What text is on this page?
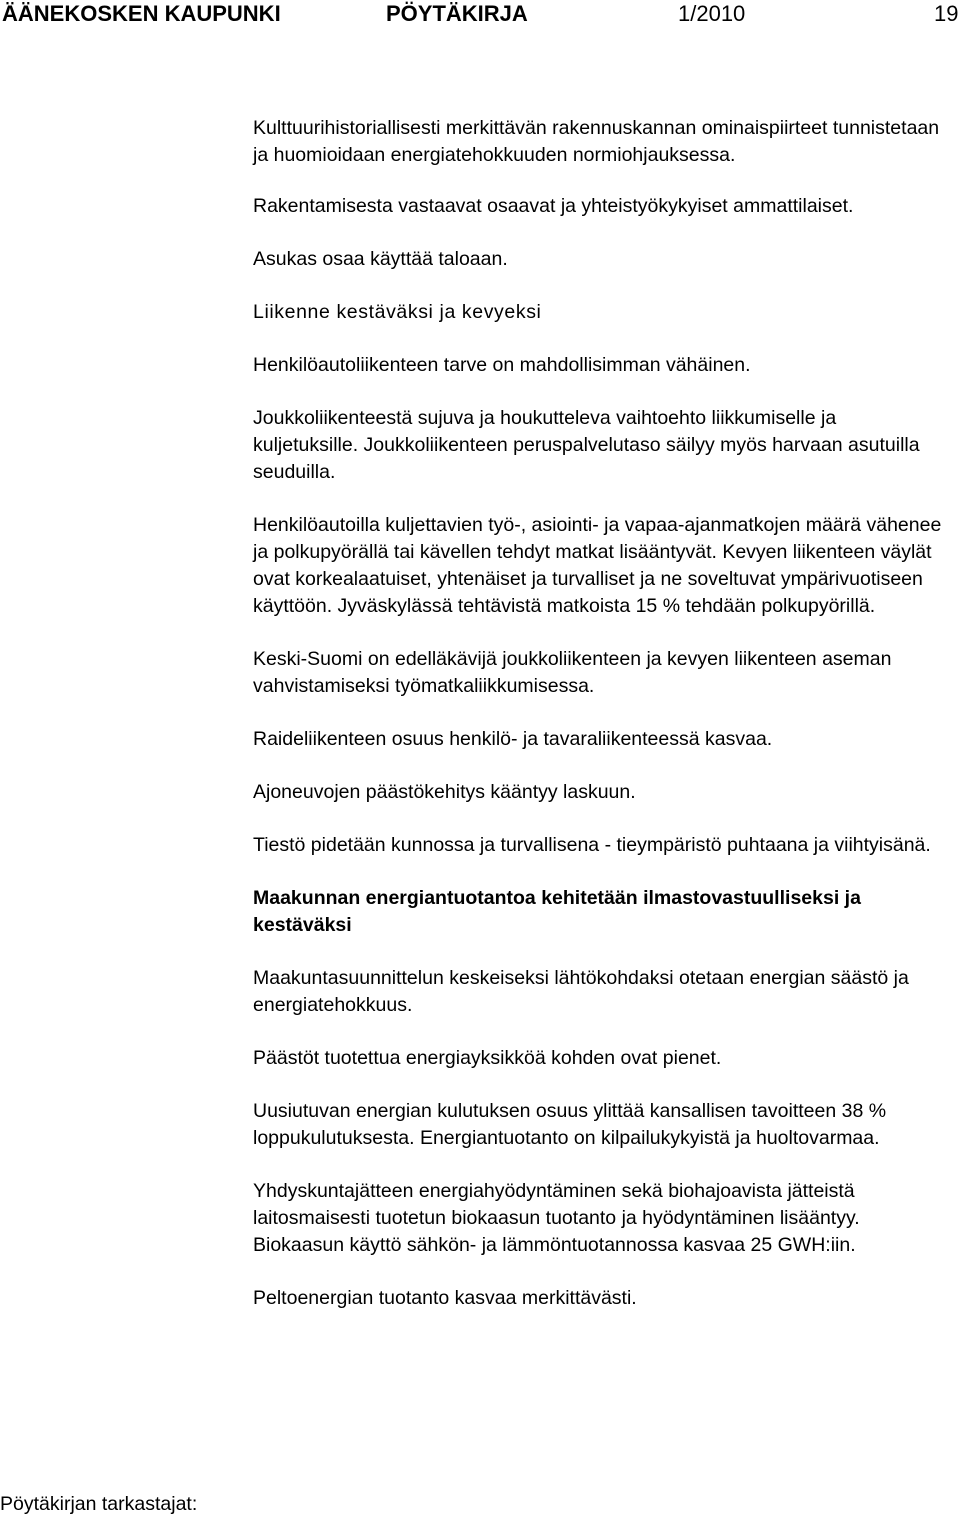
ÄÄNEKOSKEN KAUPUNKI	PÖYTÄKIRJA	1/2010	19

Kulttuurihistoriallisesti merkittävän rakennuskannan ominaispiirteet tunnistetaan ja huomioidaan energiatehokkuuden normiohjauksessa.

Rakentamisesta vastaavat osaavat ja yhteistyökykyiset ammattilaiset.

Asukas osaa käyttää taloaan.

Liikenne kestäväksi ja kevyeksi

Henkilöautoliikenteen tarve on mahdollisimman vähäinen.

Joukkoliikenteestä sujuva ja houkutteleva vaihtoehto liikkumiselle ja kuljetuksille. Joukkoliikenteen peruspalvelutaso säilyy myös harvaan asutuilla seuduilla.

Henkilöautoilla kuljettavien työ-, asiointi- ja vapaa-ajanmatkojen määrä vähenee ja polkupyörällä tai kävellen tehdyt matkat lisääntyvät. Kevyen liikenteen väylät ovat korkealaatuiset, yhtenäiset ja turvalliset ja ne soveltuvat ympärivuotiseen käyttöön. Jyväskylässä tehtävistä matkoista 15 % tehdään polkupyörillä.

Keski-Suomi on edelläkävijä joukkoliikenteen ja kevyen liikenteen aseman vahvistamiseksi työmatkaliikkumisessa.

Raideliikenteen osuus henkilö- ja tavaraliikenteessä kasvaa.

Ajoneuvojen päästökehitys kääntyy laskuun.

Tiestö pidetään kunnossa ja turvallisena - tieympäristö puhtaana ja viihtyisänä.

Maakunnan energiantuotantoa kehitetään ilmastovastuulliseksi ja kestäväksi

Maakuntasuunnittelun keskeiseksi lähtökohdaksi otetaan energian säästö ja energiatehokkuus.

Päästöt tuotettua energiayksikköä kohden ovat pienet.

Uusiutuvan energian kulutuksen osuus ylittää kansallisen tavoitteen 38 % loppukulutuksesta. Energiantuotanto on kilpailukykyistä ja huoltovarmaa.

Yhdyskuntajätteen energiahyödyntäminen sekä biohajoavista jätteistä laitosmaisesti tuotetun biokaasun tuotanto ja hyödyntäminen lisääntyy. Biokaasun käyttö sähkön- ja lämmöntuotannossa kasvaa 25 GWH:iin.

Peltoenergian tuotanto kasvaa merkittävästi.

Pöytäkirjan tarkastajat:
